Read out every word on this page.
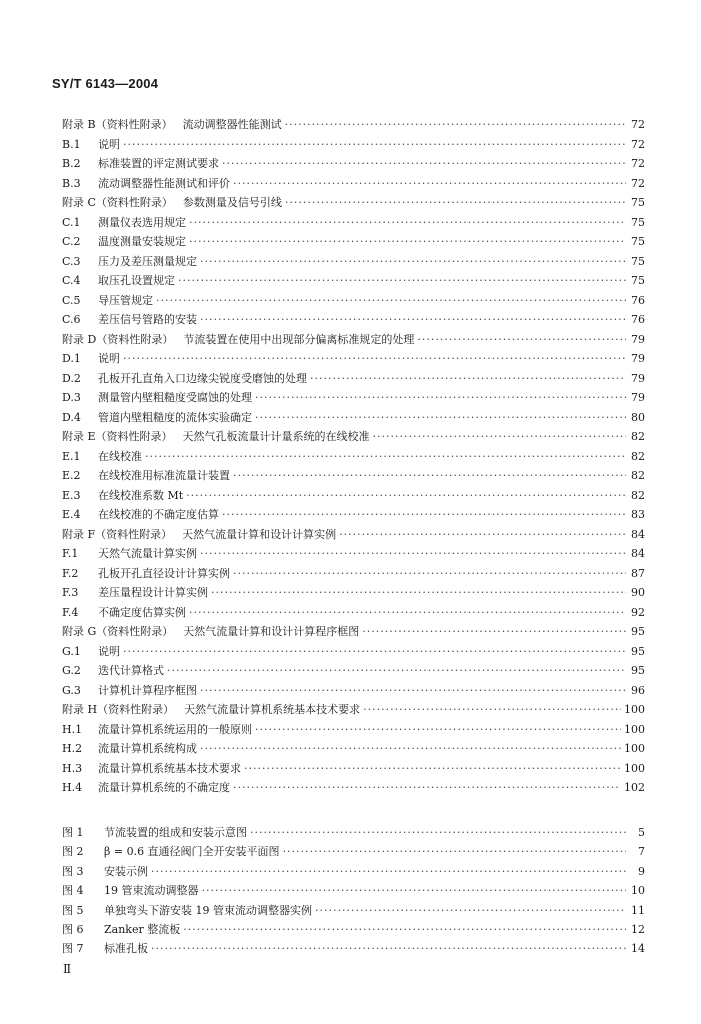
SY/T 6143—2004
附录 B（资料性附录） 流动调整器性能测试 ·····	72
B.1	说明 ·····	72
B.2	标准装置的评定测试要求 ·····	72
B.3	流动调整器性能测试和评价 ·····	72
附录 C（资料性附录） 参数测量及信号引线 ·····	75
C.1	测量仪表选用规定 ·····	75
C.2	温度测量安装规定 ·····	75
C.3	压力及差压测量规定 ·····	75
C.4	取压孔设置规定 ·····	75
C.5	导压管规定 ·····	76
C.6	差压信号管路的安装 ·····	76
附录 D（资料性附录） 节流装置在使用中出现部分偏离标准规定的处理 ·····	79
D.1	说明 ·····	79
D.2	孔板开孔直角入口边缘尖锐度受磨蚀的处理 ·····	79
D.3	测量管内壁粗糙度受腐蚀的处理 ·····	79
D.4	管道内壁粗糙度的流体实验确定 ·····	80
附录 E（资料性附录） 天然气孔板流量计计量系统的在线校准 ·····	82
E.1	在线校准 ·····	82
E.2	在线校准用标准流量计装置 ·····	82
E.3	在线校准系数 Mt ·····	82
E.4	在线校准的不确定度估算 ·····	83
附录 F（资料性附录） 天然气流量计算和设计计算实例 ·····	84
F.1	天然气流量计算实例 ·····	84
F.2	孔板开孔直径设计计算实例 ·····	87
F.3	差压量程设计计算实例 ·····	90
F.4	不确定度估算实例 ·····	92
附录 G（资料性附录） 天然气流量计算和设计计算程序框图 ·····	95
G.1	说明 ·····	95
G.2	迭代计算格式 ·····	95
G.3	计算机计算程序框图 ·····	96
附录 H（资料性附录） 天然气流量计算机系统基本技术要求 ·····	100
H.1	流量计算机系统运用的一般原则 ·····	100
H.2	流量计算机系统构成 ·····	100
H.3	流量计算机系统基本技术要求 ·····	100
H.4	流量计算机系统的不确定度 ·····	102
图 1	节流装置的组成和安装示意图 ·····	5
图 2	β = 0.6 直通径阀门全开安装平面图 ·····	7
图 3	安装示例 ·····	9
图 4	19 管束流动调整器 ·····	10
图 5	单独弯头下游安装 19 管束流动调整器实例 ·····	11
图 6	Zanker 整流板 ·····	12
图 7	标准孔板 ·····	14
Ⅱ
